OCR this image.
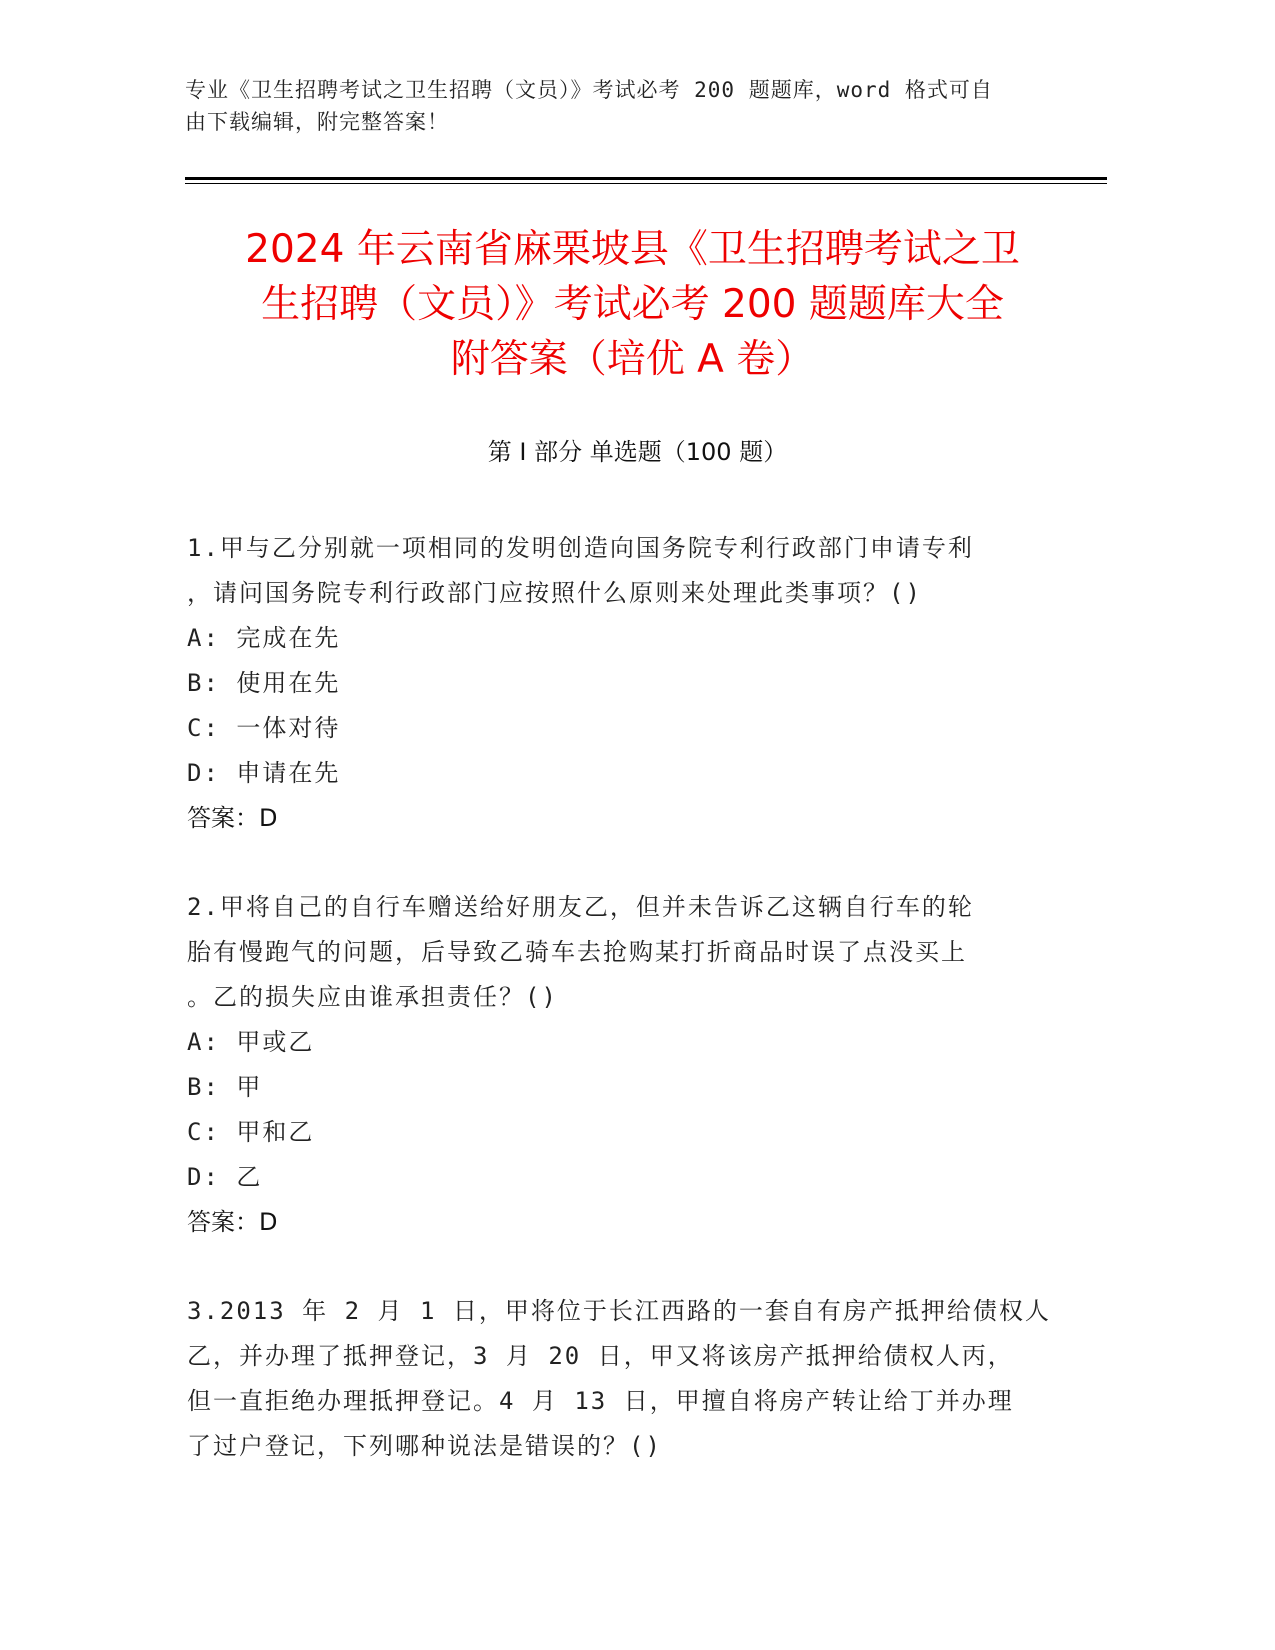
专业《卫生招聘考试之卫生招聘（文员）》考试必考 200 题题库，word 格式可自
由下载编辑，附完整答案！
2024 年云南省麻栗坡县《卫生招聘考试之卫
生招聘（文员）》考试必考 200 题题库大全
附答案（培优 A 卷）
第 I 部分 单选题（100 题）

1.甲与乙分别就一项相同的发明创造向国务院专利行政部门申请专利

，请问国务院专利行政部门应按照什么原则来处理此类事项？()

A: 完成在先

B: 使用在先

C: 一体对待

D: 申请在先

答案：D

2.甲将自己的自行车赠送给好朋友乙，但并未告诉乙这辆自行车的轮

胎有慢跑气的问题，后导致乙骑车去抢购某打折商品时误了点没买上

。乙的损失应由谁承担责任？()

A: 甲或乙

B: 甲

C: 甲和乙

D: 乙

答案：D

3.2013 年 2 月 1 日，甲将位于长江西路的一套自有房产抵押给债权人

乙，并办理了抵押登记，3 月 20 日，甲又将该房产抵押给债权人丙，

但一直拒绝办理抵押登记。4 月 13 日，甲擅自将房产转让给丁并办理

了过户登记，下列哪种说法是错误的？()
